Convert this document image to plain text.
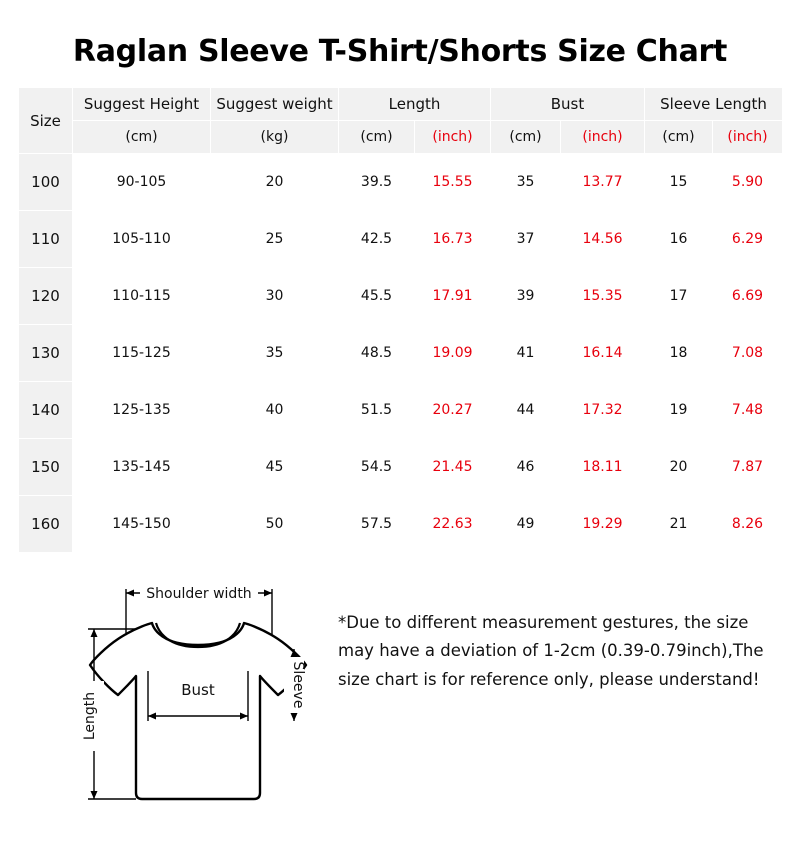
Raglan Sleeve T-Shirt/Shorts Size Chart
Size	Suggest Height	Suggest weight	Length		Bust		Sleeve Length	
	(cm)	(kg)	(cm)	(inch)	(cm)	(inch)	(cm)	(inch)
100	90-105	20	39.5	15.55	35	13.77	15	5.90
110	105-110	25	42.5	16.73	37	14.56	16	6.29
120	110-115	30	45.5	17.91	39	15.35	17	6.69
130	115-125	35	48.5	19.09	41	16.14	18	7.08
140	125-135	40	51.5	20.27	44	17.32	19	7.48
150	135-145	45	54.5	21.45	46	18.11	20	7.87
160	145-150	50	57.5	22.63	49	19.29	21	8.26
Shoulder width
Bust	Sleeve
Length
*Due to different measurement gestures, the size may have a deviation of 1-2cm (0.39-0.79inch),The size chart is for reference only, please understand!
